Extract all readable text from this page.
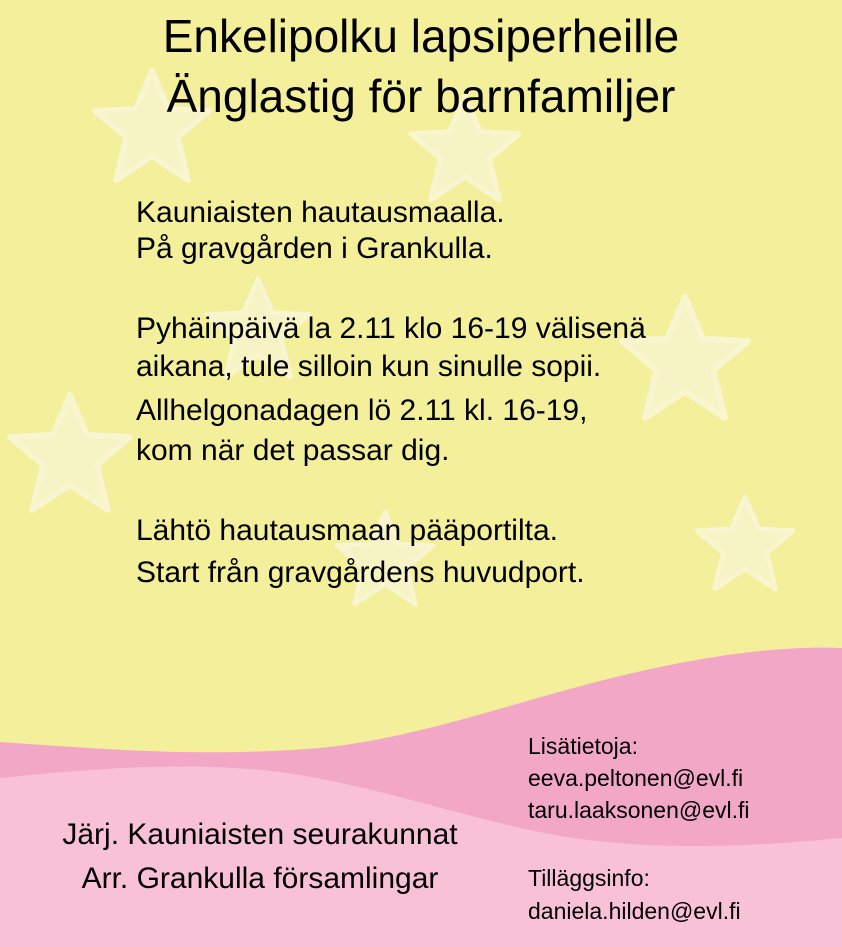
Enkelipolku lapsiperheille
Änglastig för barnfamiljer
Kauniaisten hautausmaalla.
På gravgården i Grankulla.
Pyhäinpäivä la 2.11 klo 16-19 välisenä
aikana, tule silloin kun sinulle sopii.
Allhelgonadagen lö 2.11 kl. 16-19,
kom när det passar dig.
Lähtö hautausmaan pääportilta.
Start från gravgårdens huvudport.
Järj. Kauniaisten seurakunnat
Arr. Grankulla församlingar
Lisätietoja:
eeva.peltonen@evl.fi
taru.laaksonen@evl.fi
Tilläggsinfo:
daniela.hilden@evl.fi
